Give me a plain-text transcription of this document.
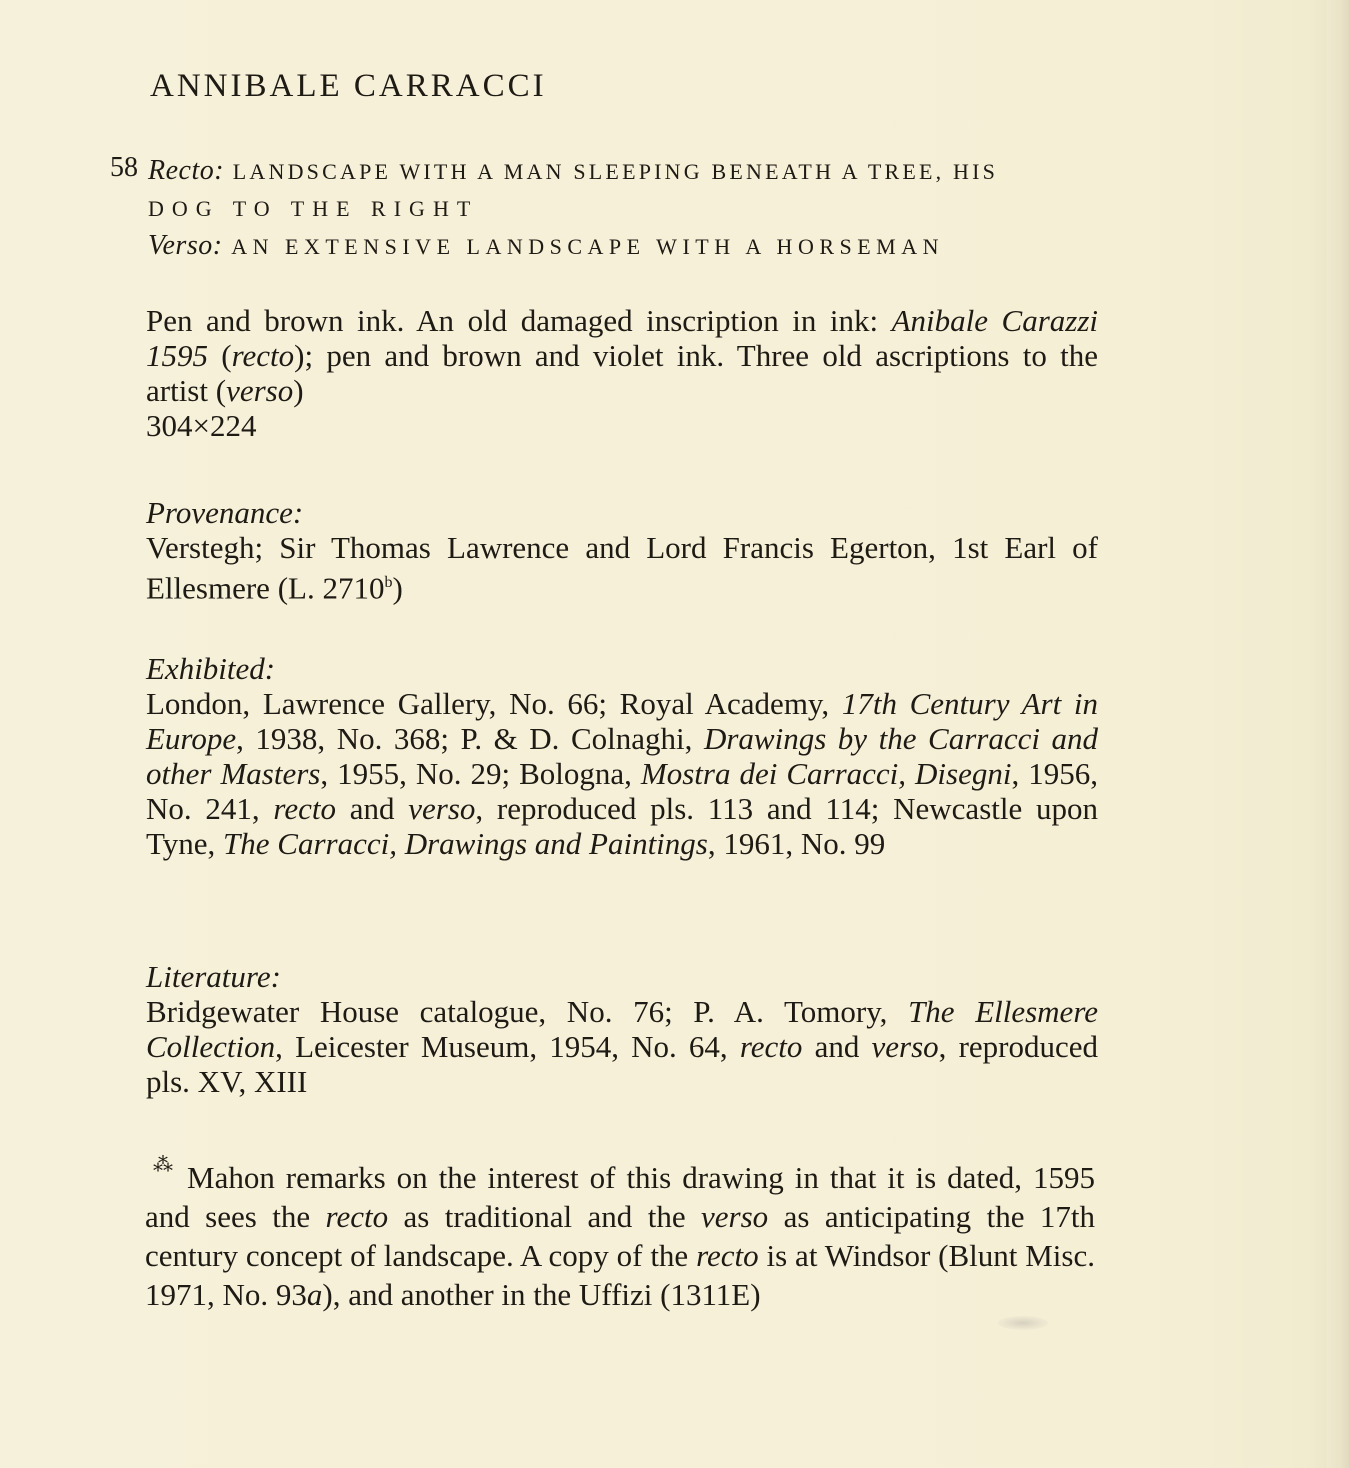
ANNIBALE CARRACCI
58 Recto: LANDSCAPE WITH A MAN SLEEPING BENEATH A TREE, HIS
DOG TO THE RIGHT
Verso: AN EXTENSIVE LANDSCAPE WITH A HORSEMAN

Pen and brown ink. An old damaged inscription in ink: Anibale Carazzi 1595 (recto); pen and brown and violet ink. Three old ascriptions to the artist (verso)

304×224

Provenance:

Verstegh; Sir Thomas Lawrence and Lord Francis Egerton, 1st Earl of Ellesmere (L. 2710$^b$)

Exhibited:

London, Lawrence Gallery, No. 66; Royal Academy, 17th Century Art in Europe, 1938, No. 368; P. & D. Colnaghi, Drawings by the Carracci and other Masters, 1955, No. 29; Bologna, Mostra dei Carracci, Disegni, 1956, No. 241, recto and verso, reproduced pls. 113 and 114; Newcastle upon Tyne, The Carracci, Drawings and Paintings, 1961, No. 99

Literature:

Bridgewater House catalogue, No. 76; P. A. Tomory, The Ellesmere Collection, Leicester Museum, 1954, No. 64, recto and verso, reproduced pls. XV, XIII

⁂ Mahon remarks on the interest of this drawing in that it is dated, 1595 and sees the recto as traditional and the verso as anticipating the 17th century concept of landscape. A copy of the recto is at Windsor (Blunt Misc. 1971, No. 93a), and another in the Uffizi (1311E)
